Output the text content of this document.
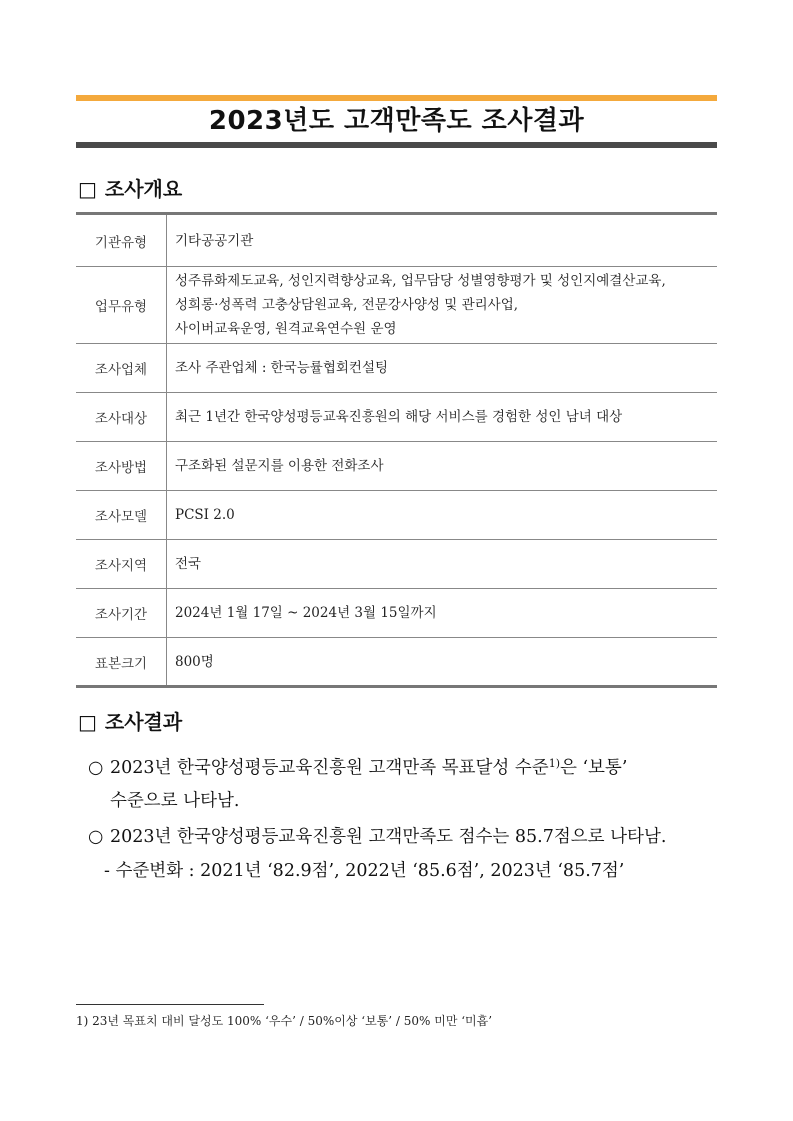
2023년도 고객만족도 조사결과
□ 조사개요
기관유형	기타공공기관

업무유형	성주류화제도교육, 성인지력향상교육, 업무담당 성별영향평가 및 성인지예결산교육,
성희롱·성폭력 고충상담원교육, 전문강사양성 및 관리사업,
사이버교육운영, 원격교육연수원 운영

조사업체	조사 주관업체 : 한국능률협회컨설팅

조사대상	최근 1년간 한국양성평등교육진흥원의 해당 서비스를 경험한 성인 남녀 대상

조사방법	구조화된 설문지를 이용한 전화조사

조사모델	PCSI 2.0

조사지역	전국

조사기간	2024년 1월 17일 ~ 2024년 3월 15일까지

표본크기	800명
□ 조사결과
○ 2023년 한국양성평등교육진흥원 고객만족 목표달성 수준$^{1)}$은 ‘보통’
수준으로 나타남.
○ 2023년 한국양성평등교육진흥원 고객만족도 점수는 85.7점으로 나타남.
- 수준변화 : 2021년 ‘82.9점’, 2022년 ‘85.6점’, 2023년 ‘85.7점’
1) 23년 목표치 대비 달성도 100% ‘우수’ / 50%이상 ‘보통’ / 50% 미만 ‘미흡’
